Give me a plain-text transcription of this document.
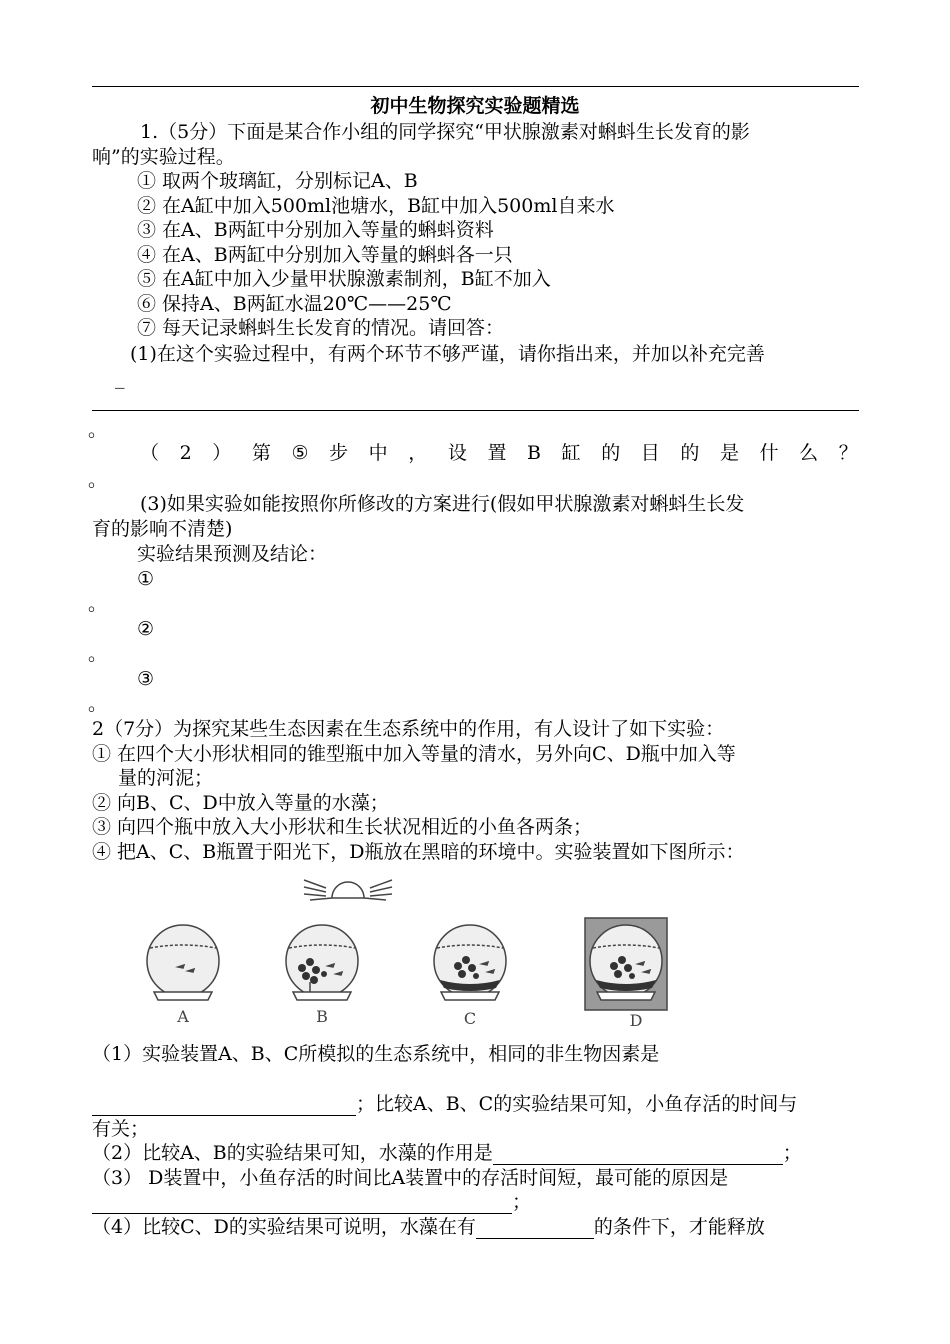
初中生物探究实验题精选
1.（5分）下面是某合作小组的同学探究“甲状腺激素对蝌蚪生长发育的影
响”的实验过程。
① 取两个玻璃缸，分别标记A、B
② 在A缸中加入500ml池塘水，B缸中加入500ml自来水
③ 在A、B两缸中分别加入等量的蝌蚪资料
④ 在A、B两缸中分别加入等量的蝌蚪各一只
⑤ 在A缸中加入少量甲状腺激素制剂，B缸不加入
⑥ 保持A、B两缸水温20℃——25℃
⑦ 每天记录蝌蚪生长发育的情况。请回答：
(1)在这个实验过程中，有两个环节不够严谨，请你指出来，并加以补充完善
_
。
（ 2 ） 第 ⑤ 步 中 ， 设 置 B 缸 的 目 的 是 什 么 ？
。
(3)如果实验如能按照你所修改的方案进行(假如甲状腺激素对蝌蚪生长发
育的影响不清楚)
实验结果预测及结论：
①
。
②
。
③
。
2（7分）为探究某些生态因素在生态系统中的作用，有人设计了如下实验：
① 在四个大小形状相同的锥型瓶中加入等量的清水，另外向C、D瓶中加入等
量的河泥；
② 向B、C、D中放入等量的水藻；
③ 向四个瓶中放入大小形状和生长状况相近的小鱼各两条；
④ 把A、C、B瓶置于阳光下，D瓶放在黑暗的环境中。实验装置如下图所示：
A	B	C	D
（1）实验装置A、B、C所模拟的生态系统中，相同的非生物因素是
；比较A、B、C的实验结果可知，小鱼存活的时间与
有关；
（2）比较A、B的实验结果可知，水藻的作用是	；
（3） D装置中，小鱼存活的时间比A装置中的存活时间短，最可能的原因是
；
（4）比较C、D的实验结果可说明，水藻在有	的条件下，才能释放
